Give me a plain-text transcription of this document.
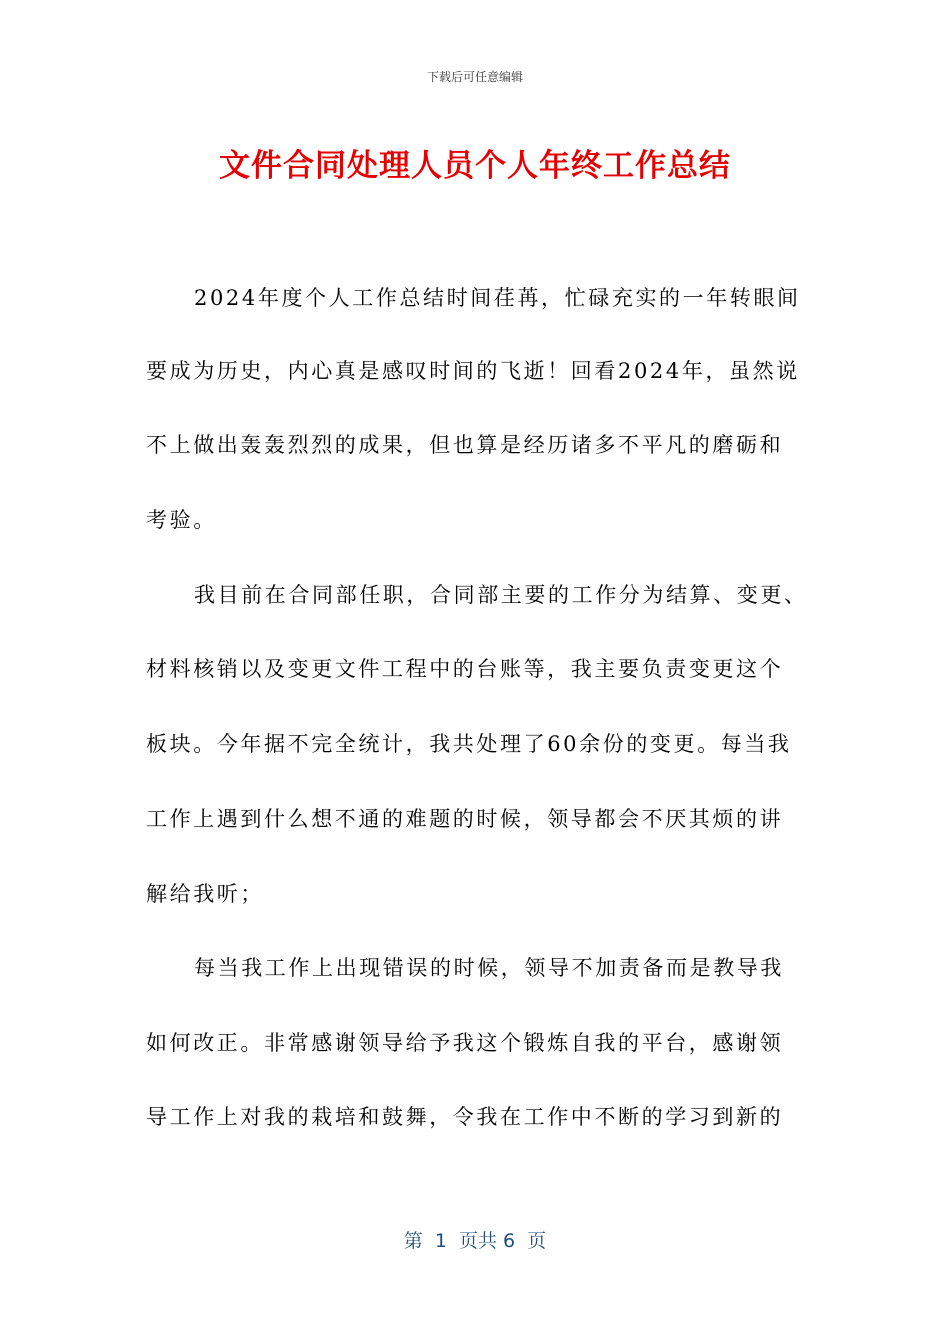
下载后可任意编辑
文件合同处理人员个人年终工作总结
2024年度个人工作总结时间荏苒，忙碌充实的一年转眼间
要成为历史，内心真是感叹时间的飞逝！回看2024年，虽然说
不上做出轰轰烈烈的成果，但也算是经历诸多不平凡的磨砺和
考验。
我目前在合同部任职，合同部主要的工作分为结算、变更、
材料核销以及变更文件工程中的台账等，我主要负责变更这个
板块。今年据不完全统计，我共处理了60余份的变更。每当我
工作上遇到什么想不通的难题的时候，领导都会不厌其烦的讲
解给我听；
每当我工作上出现错误的时候，领导不加责备而是教导我
如何改正。非常感谢领导给予我这个锻炼自我的平台，感谢领
导工作上对我的栽培和鼓舞，令我在工作中不断的学习到新的
第  1  页共 6  页
